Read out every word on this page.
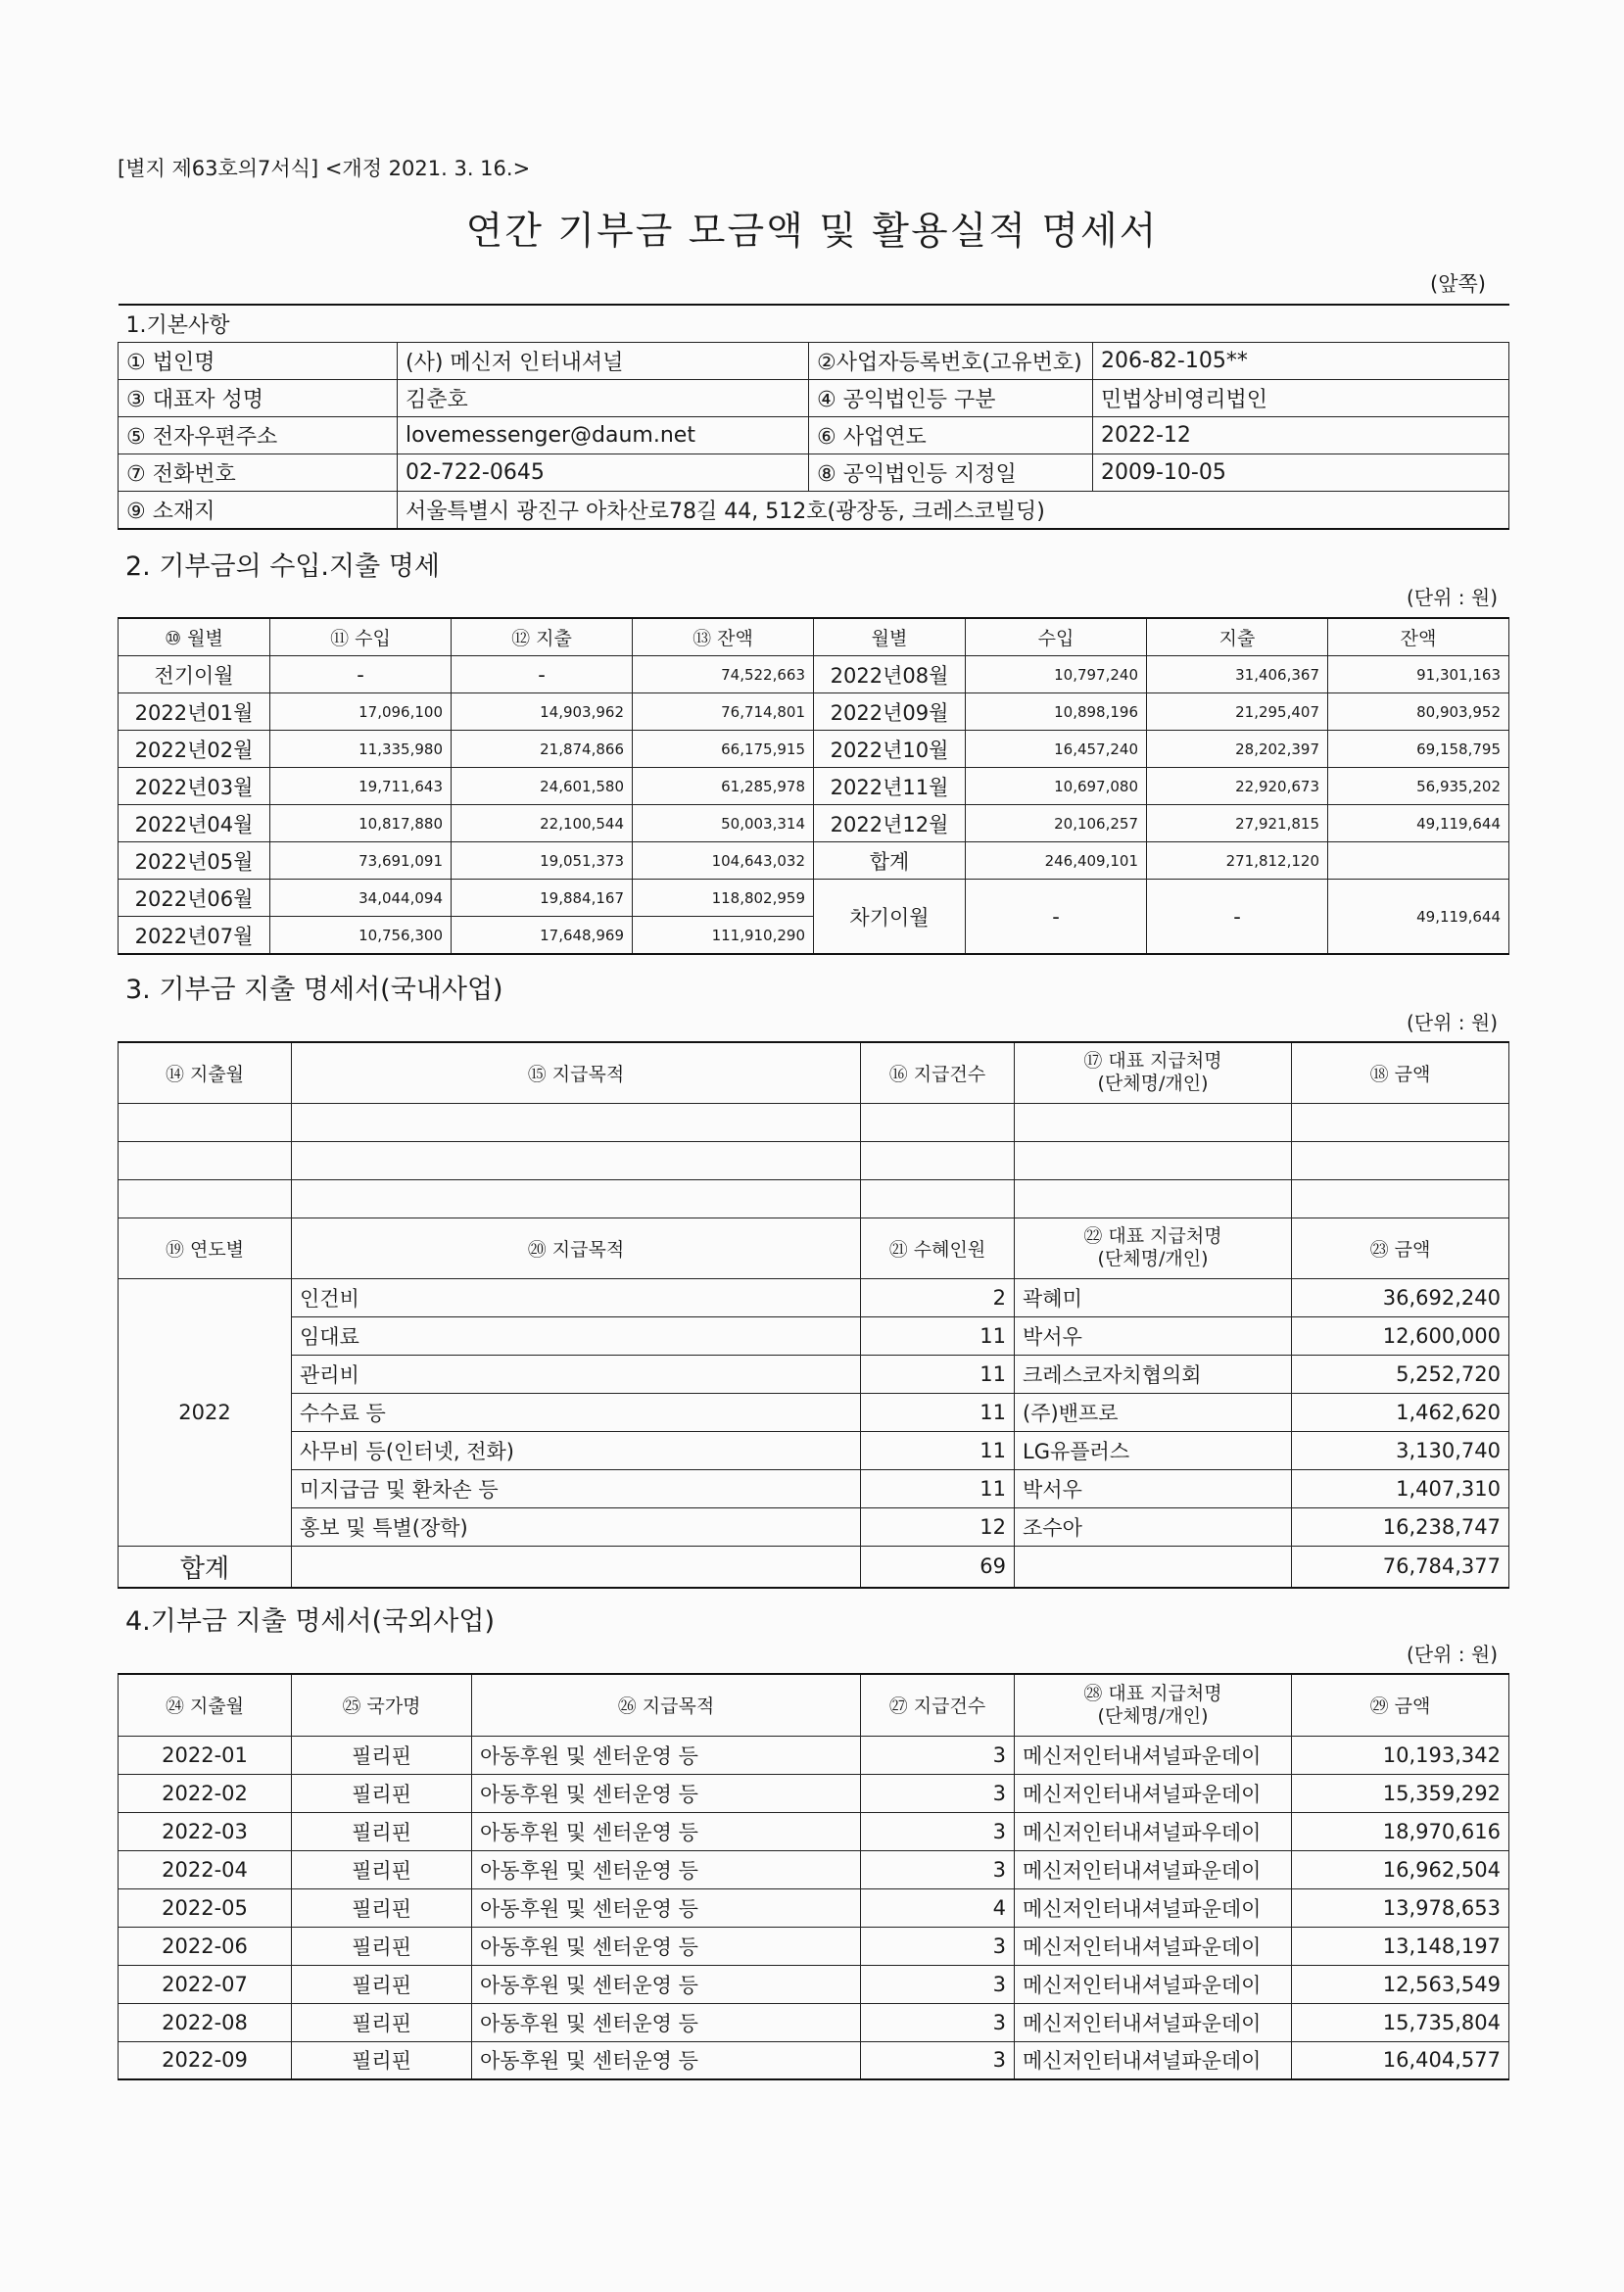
[별지 제63호의7서식] <개정 2021. 3. 16.>
연간 기부금 모금액 및 활용실적 명세서
(앞쪽)
1.기본사항			
① 법인명	(사) 메신저 인터내셔널	②사업자등록번호(고유번호)	206-82-105**
③ 대표자 성명	김춘호	④ 공익법인등 구분	민법상비영리법인
⑤ 전자우편주소	lovemessenger@daum.net	⑥ 사업연도	2022-12
⑦ 전화번호	02-722-0645	⑧ 공익법인등 지정일	2009-10-05
⑨ 소재지	서울특별시 광진구 아차산로78길 44, 512호(광장동, 크레스코빌딩)		
2. 기부금의 수입.지출 명세
(단위 : 원)
⑩ 월별	⑪ 수입	⑫ 지출	⑬ 잔액	월별	수입	지출	잔액
전기이월	-	-	74,522,663	2022년08월	10,797,240	31,406,367	91,301,163
2022년01월	17,096,100	14,903,962	76,714,801	2022년09월	10,898,196	21,295,407	80,903,952
2022년02월	11,335,980	21,874,866	66,175,915	2022년10월	16,457,240	28,202,397	69,158,795
2022년03월	19,711,643	24,601,580	61,285,978	2022년11월	10,697,080	22,920,673	56,935,202
2022년04월	10,817,880	22,100,544	50,003,314	2022년12월	20,106,257	27,921,815	49,119,644
2022년05월	73,691,091	19,051,373	104,643,032	합계	246,409,101	271,812,120	
2022년06월	34,044,094	19,884,167	118,802,959	차기이월	-	-	49,119,644
2022년07월	10,756,300	17,648,969	111,910,290				
3. 기부금 지출 명세서(국내사업)
(단위 : 원)
⑭ 지출월	⑮ 지급목적	⑯ 지급건수	⑰ 대표 지급처명
(단체명/개인)	⑱ 금액

⑲ 연도별	⑳ 지급목적	㉑ 수혜인원	㉒ 대표 지급처명
(단체명/개인)	㉓ 금액
2022	인건비	2	곽혜미	36,692,240
	임대료	11	박서우	12,600,000
	관리비	11	크레스코자치협의회	5,252,720
	수수료 등	11	(주)밴프로	1,462,620
	사무비 등(인터넷, 전화)	11	LG유플러스	3,130,740
	미지급금 및 환차손 등	11	박서우	1,407,310
	홍보 및 특별(장학)	12	조수아	16,238,747
합계		69		76,784,377
4.기부금 지출 명세서(국외사업)
(단위 : 원)
㉔ 지출월	㉕ 국가명	㉖ 지급목적	㉗ 지급건수	㉘ 대표 지급처명
(단체명/개인)	㉙ 금액
2022-01	필리핀	아동후원 및 센터운영 등	3	메신저인터내셔널파운데이	10,193,342
2022-02	필리핀	아동후원 및 센터운영 등	3	메신저인터내셔널파운데이	15,359,292
2022-03	필리핀	아동후원 및 센터운영 등	3	메신저인터내셔널파우데이	18,970,616
2022-04	필리핀	아동후원 및 센터운영 등	3	메신저인터내셔널파운데이	16,962,504
2022-05	필리핀	아동후원 및 센터운영 등	4	메신저인터내셔널파운데이	13,978,653
2022-06	필리핀	아동후원 및 센터운영 등	3	메신저인터내셔널파운데이	13,148,197
2022-07	필리핀	아동후원 및 센터운영 등	3	메신저인터내셔널파운데이	12,563,549
2022-08	필리핀	아동후원 및 센터운영 등	3	메신저인터내셔널파운데이	15,735,804
2022-09	필리핀	아동후원 및 센터운영 등	3	메신저인터내셔널파운데이	16,404,577
